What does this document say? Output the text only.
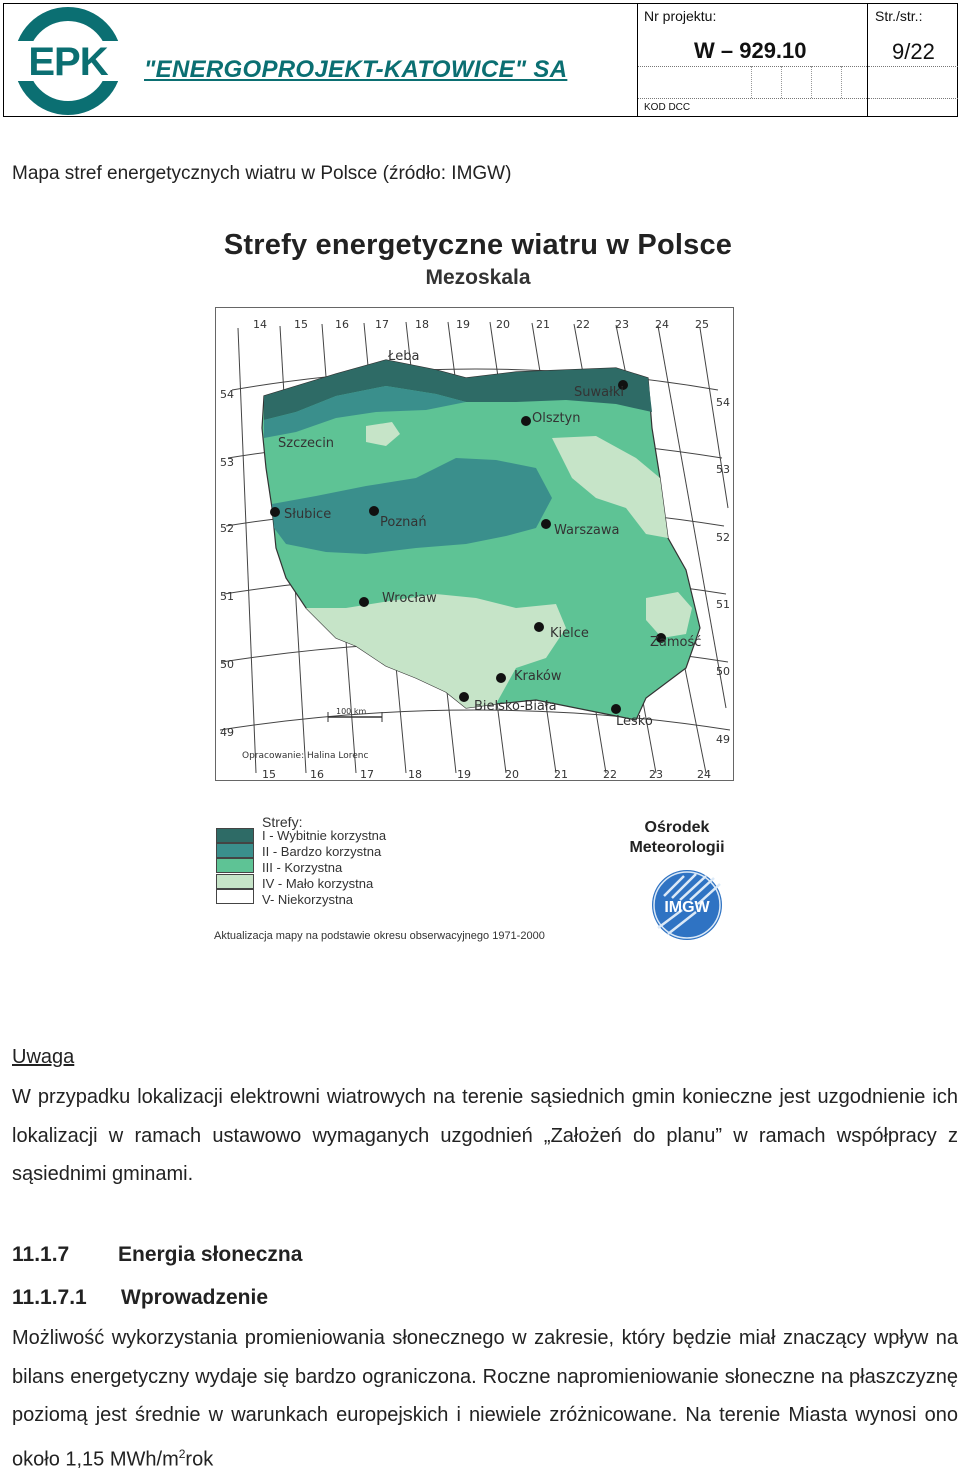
EPK "ENERGOPROJEKT-KATOWICE" SA
Nr projektu:	Str./str.:
W – 929.10	9/22
KOD DCC
Mapa stref energetycznych wiatru w Polsce (źródło: IMGW)
Strefy energetyczne wiatru w Polsce
Mezoskala
Łeba
Suwałki
Olsztyn
Szczecin
Słubice
Poznań
Warszawa
Wrocław
Kielce
Zamość
Kraków
Bielsko-Biała
Lesko
14 15 16 17 18 19 20 21 22 23 24 25
15	16	17	18	19	20	21	22	23	24
54
53
52
51
50
49
54
53
52
51
50
49
100 km
Opracowanie: Halina Lorenc
Strefy:
I - Wybitnie korzystna
II - Bardzo korzystna
III - Korzystna
IV - Mało korzystna
V- Niekorzystna
Ośrodek
Meteorologii
IMGW
Aktualizacja mapy na podstawie okresu obserwacyjnego 1971-2000
Uwaga
W przypadku lokalizacji elektrowni wiatrowych na terenie sąsiednich gmin konieczne jest uzgodnienie ich lokalizacji w ramach ustawowo wymaganych uzgodnień „Założeń do planu” w ramach współpracy z sąsiednimi gminami.
11.1.7 Energia słoneczna
11.1.7.1 Wprowadzenie
Możliwość wykorzystania promieniowania słonecznego w zakresie, który będzie miał znaczący wpływ na bilans energetyczny wydaje się bardzo ograniczona. Roczne napromieniowanie słoneczne na płaszczyznę poziomą jest średnie w warunkach europejskich i niewiele zróżnicowane. Na terenie Miasta wynosi ono około 1,15 MWh/$m^2rok$
